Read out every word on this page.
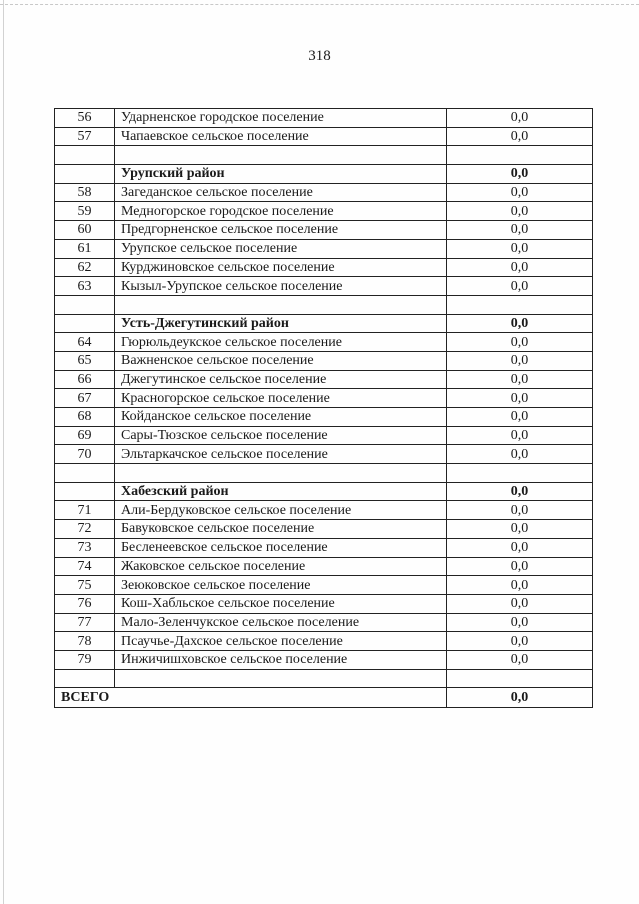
318
56	Ударненское городское поселение	0,0
57	Чапаевское сельское поселение	0,0

	Урупский район	0,0
58	Загеданское сельское поселение	0,0
59	Медногорское городское поселение	0,0
60	Предгорненское сельское поселение	0,0
61	Урупское сельское поселение	0,0
62	Курджиновское сельское поселение	0,0
63	Кызыл-Урупское сельское поселение	0,0

	Усть-Джегутинский район	0,0
64	Гюрюльдеукское сельское поселение	0,0
65	Важненское сельское поселение	0,0
66	Джегутинское сельское поселение	0,0
67	Красногорское сельское поселение	0,0
68	Койданское сельское поселение	0,0
69	Сары-Тюзское сельское поселение	0,0
70	Эльтаркачское сельское поселение	0,0

	Хабезский район	0,0
71	Али-Бердуковское сельское поселение	0,0
72	Бавуковское сельское поселение	0,0
73	Бесленеевское сельское поселение	0,0
74	Жаковское сельское поселение	0,0
75	Зеюковское сельское поселение	0,0
76	Кош-Хабльское сельское поселение	0,0
77	Мало-Зеленчукское сельское поселение	0,0
78	Псаучье-Дахское сельское поселение	0,0
79	Инжичишховское сельское поселение	0,0

ВСЕГО		0,0
